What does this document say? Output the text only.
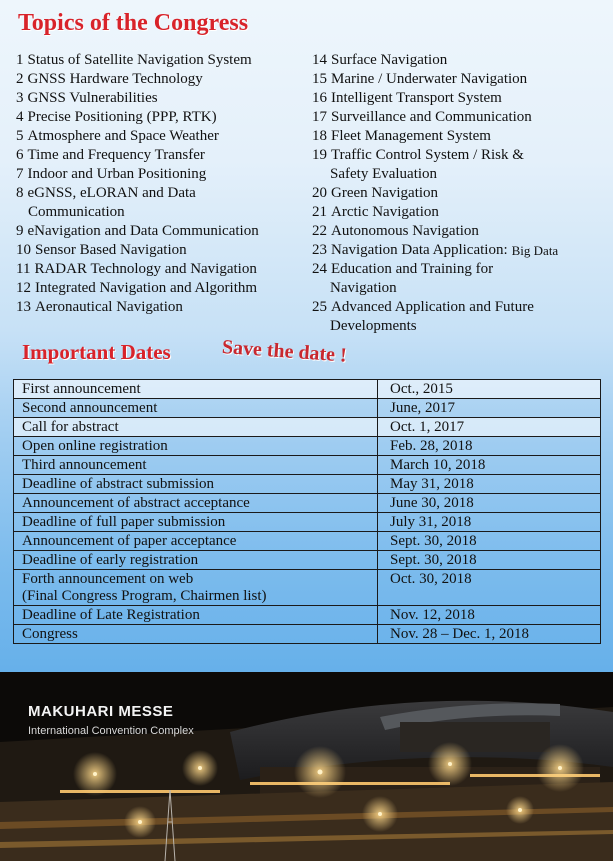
Topics of the Congress
1 Status of Satellite Navigation System
2 GNSS Hardware Technology
3 GNSS Vulnerabilities
4 Precise Positioning (PPP, RTK)
5 Atmosphere and Space Weather
6 Time and Frequency Transfer
7 Indoor and Urban Positioning
8 eGNSS, eLORAN and Data
Communication
9 eNavigation and Data Communication
10 Sensor Based Navigation
11 RADAR Technology and Navigation
12 Integrated Navigation and Algorithm
13 Aeronautical Navigation
14 Surface Navigation
15 Marine / Underwater Navigation
16 Intelligent Transport System
17 Surveillance and Communication
18 Fleet Management System
19 Traffic Control System / Risk &
Safety Evaluation
20 Green Navigation
21 Arctic Navigation
22 Autonomous Navigation
23 Navigation Data Application: Big Data
24 Education and Training for
Navigation
25 Advanced Application and Future
Developments
Important Dates	Save the date !
First announcement	Oct., 2015
Second announcement	June, 2017
Call for abstract	Oct. 1, 2017
Open online registration	Feb. 28, 2018
Third announcement	March 10, 2018
Deadline of abstract submission	May 31, 2018
Announcement of abstract acceptance	June 30, 2018
Deadline of full paper submission	July 31, 2018
Announcement of paper acceptance	Sept. 30, 2018
Deadline of early registration	Sept. 30, 2018
Forth announcement on web
(Final Congress Program, Chairmen list)	Oct. 30, 2018
Deadline of Late Registration	Nov. 12, 2018
Congress	Nov. 28 – Dec. 1, 2018
MAKUHARI MESSE
International Convention Complex
